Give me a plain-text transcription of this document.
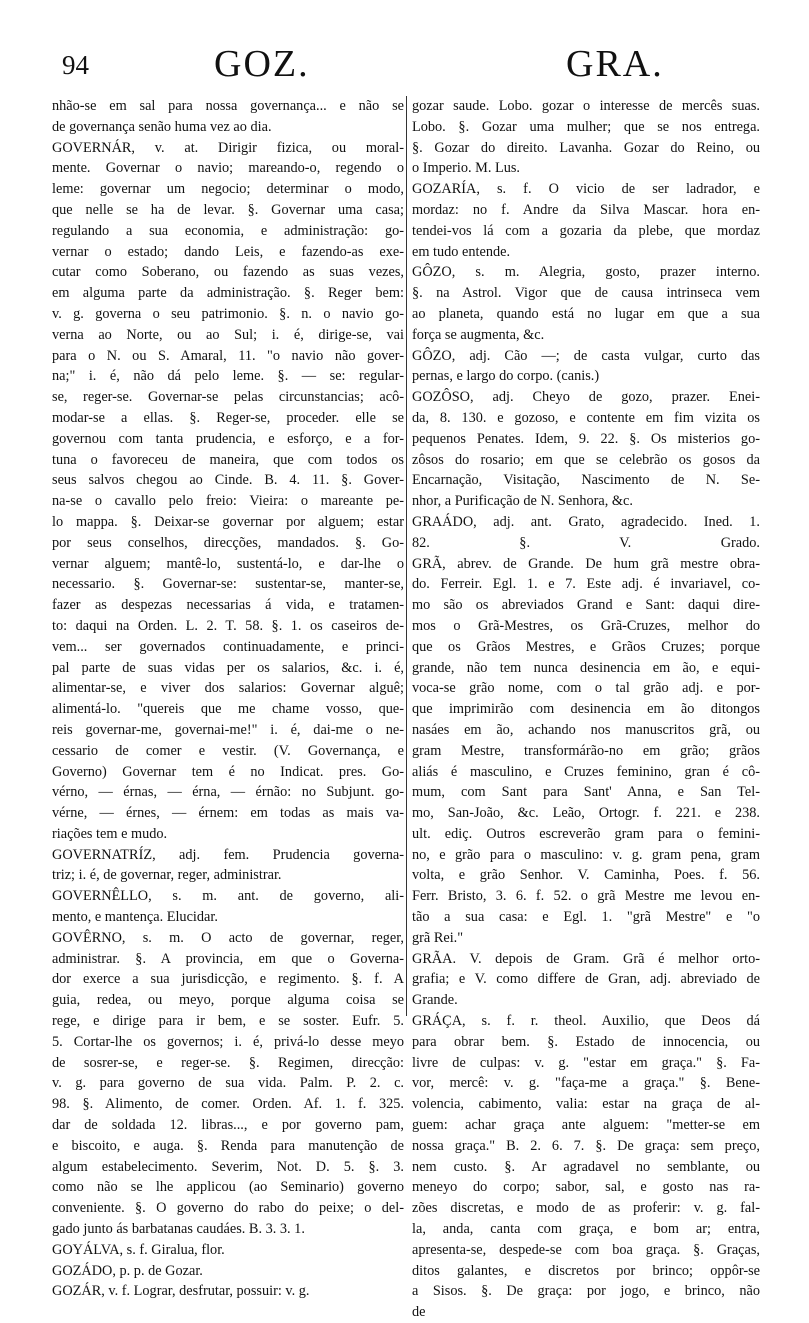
94	GOZ.	GRA.
nhão-se em sal para nossa governança... e não se
de governança senão huma vez ao dia.
GOVERNÁR, v. at. Dirigir fizica, ou moral-
mente. Governar o navio; mareando-o, regendo o
leme: governar um negocio; determinar o modo,
que nelle se ha de levar. §. Governar uma casa;
regulando a sua economia, e administração: go-
vernar o estado; dando Leis, e fazendo-as exe-
cutar como Soberano, ou fazendo as suas vezes,
em alguma parte da administração. §. Reger bem:
v. g. governa o seu patrimonio. §. n. o navio go-
verna ao Norte, ou ao Sul; i. é, dirige-se, vai
para o N. ou S. Amaral, 11. "o navio não gover-
na;" i. é, não dá pelo leme. §. — se: regular-
se, reger-se. Governar-se pelas circunstancias; acô-
modar-se a ellas. §. Reger-se, proceder. elle se
governou com tanta prudencia, e esforço, e a for-
tuna o favoreceu de maneira, que com todos os
seus salvos chegou ao Cinde. B. 4. 11. §. Gover-
na-se o cavallo pelo freio: Vieira: o mareante pe-
lo mappa. §. Deixar-se governar por alguem; estar
por seus conselhos, direcções, mandados. §. Go-
vernar alguem; mantê-lo, sustentá-lo, e dar-lhe o
necessario. §. Governar-se: sustentar-se, manter-se,
fazer as despezas necessarias á vida, e tratamen-
to: daqui na Orden. L. 2. T. 58. §. 1. os caseiros de-
vem... ser governados continuadamente, e princi-
pal parte de suas vidas per os salarios, &c. i. é,
alimentar-se, e viver dos salarios: Governar alguê;
alimentá-lo. "quereis que me chame vosso, que-
reis governar-me, governai-me!" i. é, dai-me o ne-
cessario de comer e vestir. (V. Governança, e
Governo) Governar tem é no Indicat. pres. Go-
vérno, — érnas, — érna, — érnão: no Subjunt. go-
vérne, — érnes, — érnem: em todas as mais va-
riações tem e mudo.
GOVERNATRÍZ, adj. fem. Prudencia governa-
triz; i. é, de governar, reger, administrar.
GOVERNÊLLO, s. m. ant. de governo, ali-
mento, e mantença. Elucidar.
GOVÊRNO, s. m. O acto de governar, reger,
administrar. §. A provincia, em que o Governa-
dor exerce a sua jurisdicção, e regimento. §. f. A
guia, redea, ou meyo, porque alguma coisa se
rege, e dirige para ir bem, e se soster. Eufr. 5.
5. Cortar-lhe os governos; i. é, privá-lo desse meyo
de sosrer-se, e reger-se. §. Regimen, direcção:
v. g. para governo de sua vida. Palm. P. 2. c.
98. §. Alimento, de comer. Orden. Af. 1. f. 325.
dar de soldada 12. libras..., e por governo pam,
e biscoito, e auga. §. Renda para manutenção de
algum estabelecimento. Severim, Not. D. 5. §. 3.
como não se lhe applicou (ao Seminario) governo
conveniente. §. O governo do rabo do peixe; o del-
gado junto ás barbatanas caudáes. B. 3. 3. 1.
GOYÁLVA, s. f. Giralua, flor.
GOZÁDO, p. p. de Gozar.
GOZÁR, v. f. Lograr, desfrutar, possuir: v. g.
gozar saude. Lobo. gozar o interesse de mercês suas.
Lobo. §. Gozar uma mulher; que se nos entrega.
§. Gozar do direito. Lavanha. Gozar do Reino, ou
o Imperio. M. Lus.
GOZARÍA, s. f. O vicio de ser ladrador, e
mordaz: no f. Andre da Silva Mascar. hora en-
tendei-vos lá com a gozaria da plebe, que mordaz
em tudo entende.
GÔZO, s. m. Alegria, gosto, prazer interno.
§. na Astrol. Vigor que de causa intrinseca vem
ao planeta, quando está no lugar em que a sua
força se augmenta, &c.
GÔZO, adj. Cão —; de casta vulgar, curto das
pernas, e largo do corpo. (canis.)
GOZÔSO, adj. Cheyo de gozo, prazer. Enei-
da, 8. 130. e gozoso, e contente em fim vizita os
pequenos Penates. Idem, 9. 22. §. Os misterios go-
zôsos do rosario; em que se celebrão os gosos da
Encarnação, Visitação, Nascimento de N. Se-
nhor, a Purificação de N. Senhora, &c.
GRAÁDO, adj. ant. Grato, agradecido. Ined. 1.
82. §. V. Grado.
GRÃ, abrev. de Grande. De hum grã mestre obra-
do. Ferreir. Egl. 1. e 7. Este adj. é invariavel, co-
mo são os abreviados Grand e Sant: daqui dire-
mos o Grã-Mestres, os Grã-Cruzes, melhor do
que os Grãos Mestres, e Grãos Cruzes; porque
grande, não tem nunca desinencia em ão, e equi-
voca-se grão nome, com o tal grão adj. e por-
que imprimirão com desinencia em ão ditongos
nasáes em ão, achando nos manuscritos grã, ou
gram Mestre, transformárão-no em grão; grãos
aliás é masculino, e Cruzes feminino, gran é cô-
mum, com Sant para Sant' Anna, e San Tel-
mo, San-João, &c. Leão, Ortogr. f. 221. e 238.
ult. ediç. Outros escreverão gram para o femini-
no, e grão para o masculino: v. g. gram pena, gram
volta, e grão Senhor. V. Caminha, Poes. f. 56.
Ferr. Bristo, 3. 6. f. 52. o grã Mestre me levou en-
tão a sua casa: e Egl. 1. "grã Mestre" e "o
grã Rei."
GRÃA. V. depois de Gram. Grã é melhor orto-
grafia; e V. como differe de Gran, adj. abreviado de
Grande.
GRÁÇA, s. f. r. theol. Auxilio, que Deos dá
para obrar bem. §. Estado de innocencia, ou
livre de culpas: v. g. "estar em graça." §. Fa-
vor, mercê: v. g. "faça-me a graça." §. Bene-
volencia, cabimento, valia: estar na graça de al-
guem: achar graça ante alguem: "metter-se em
nossa graça." B. 2. 6. 7. §. De graça: sem preço,
nem custo. §. Ar agradavel no semblante, ou
meneyo do corpo; sabor, sal, e gosto nas ra-
zões discretas, e modo de as proferir: v. g. fal-
la, anda, canta com graça, e bom ar; entra,
apresenta-se, despede-se com boa graça. §. Graças,
ditos galantes, e discretos por brinco; oppôr-se
a Sisos. §. De graça: por jogo, e brinco, não
de
